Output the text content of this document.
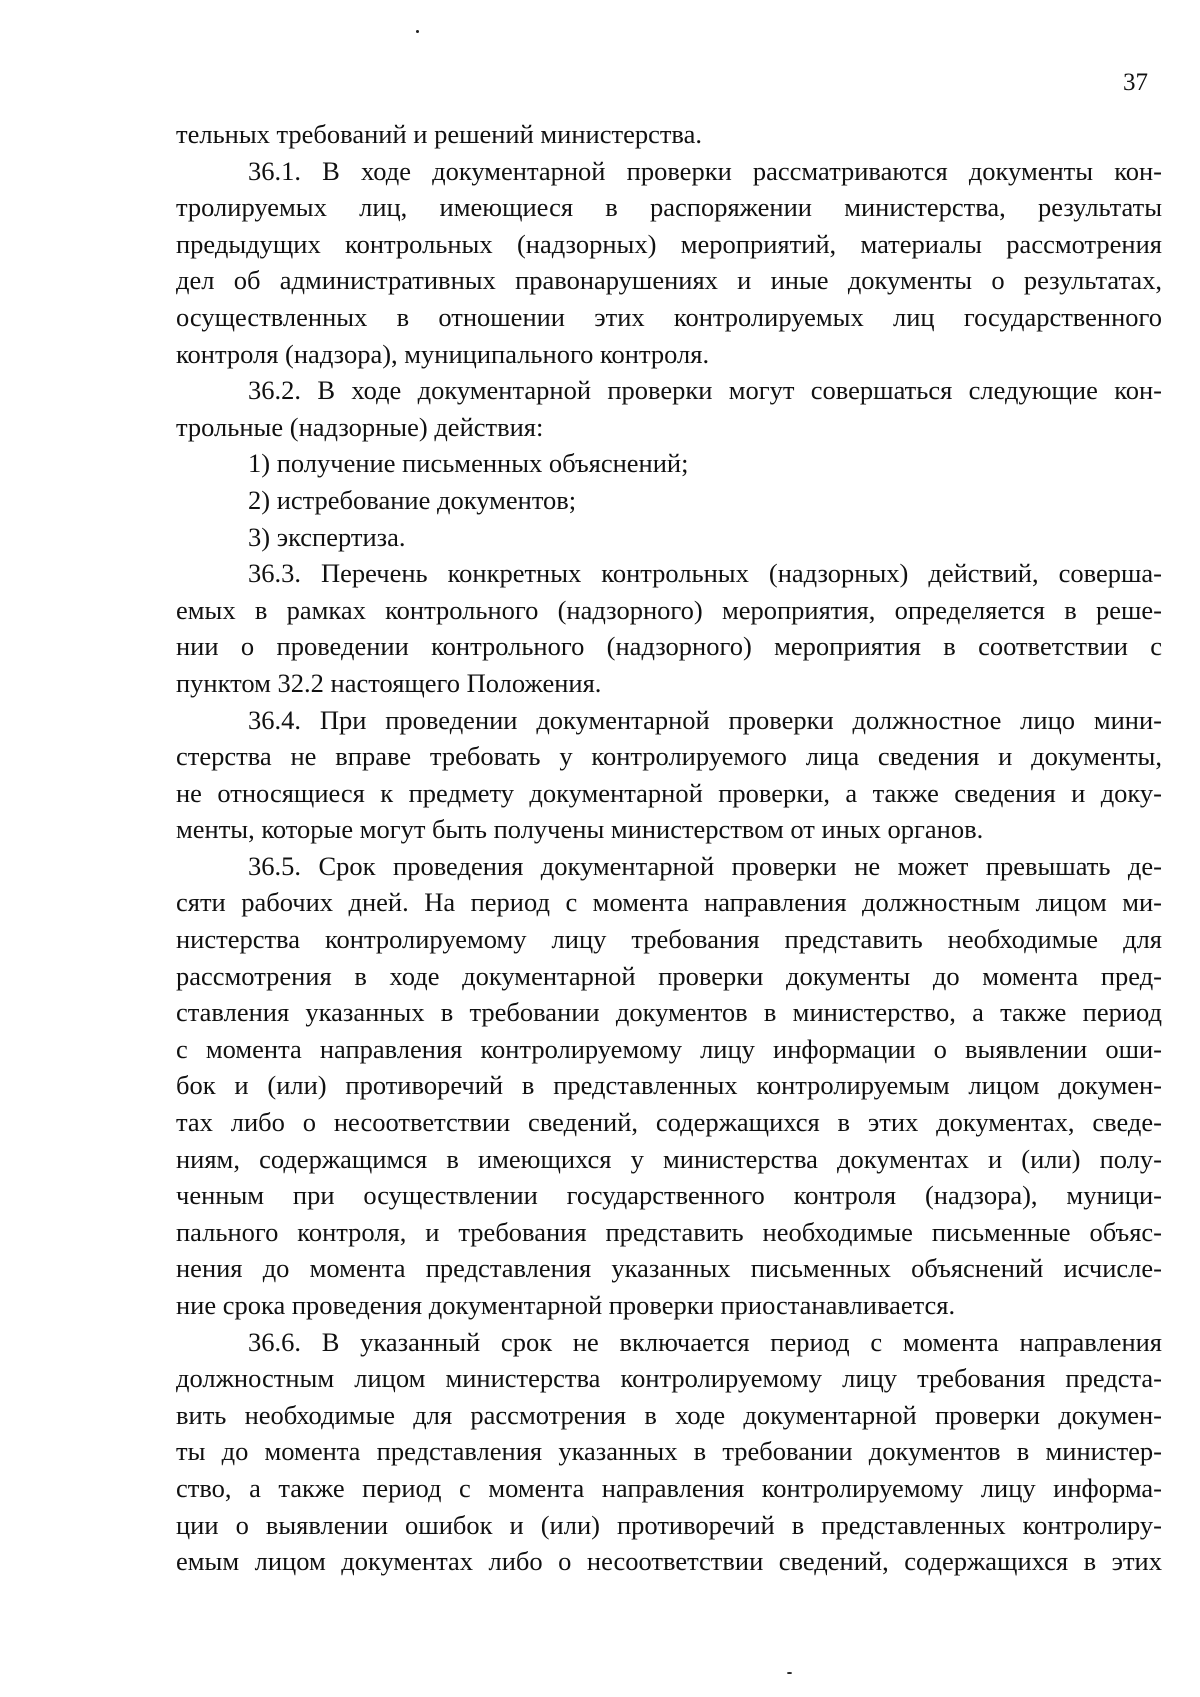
37
тельных требований и решений министерства.
36.1. В ходе документарной проверки рассматриваются документы кон-
тролируемых лиц, имеющиеся в распоряжении министерства, результаты
предыдущих контрольных (надзорных) мероприятий, материалы рассмотрения
дел об административных правонарушениях и иные документы о результатах,
осуществленных в отношении этих контролируемых лиц государственного
контроля (надзора), муниципального контроля.
36.2. В ходе документарной проверки могут совершаться следующие кон-
трольные (надзорные) действия:
1) получение письменных объяснений;
2) истребование документов;
3) экспертиза.
36.3. Перечень конкретных контрольных (надзорных) действий, соверша-
емых в рамках контрольного (надзорного) мероприятия, определяется в реше-
нии о проведении контрольного (надзорного) мероприятия в соответствии с
пунктом 32.2 настоящего Положения.
36.4. При проведении документарной проверки должностное лицо мини-
стерства не вправе требовать у контролируемого лица сведения и документы,
не относящиеся к предмету документарной проверки, а также сведения и доку-
менты, которые могут быть получены министерством от иных органов.
36.5. Срок проведения документарной проверки не может превышать де-
сяти рабочих дней. На период с момента направления должностным лицом ми-
нистерства контролируемому лицу требования представить необходимые для
рассмотрения в ходе документарной проверки документы до момента пред-
ставления указанных в требовании документов в министерство, а также период
с момента направления контролируемому лицу информации о выявлении оши-
бок и (или) противоречий в представленных контролируемым лицом докумен-
тах либо о несоответствии сведений, содержащихся в этих документах, сведе-
ниям, содержащимся в имеющихся у министерства документах и (или) полу-
ченным при осуществлении государственного контроля (надзора), муници-
пального контроля, и требования представить необходимые письменные объяс-
нения до момента представления указанных письменных объяснений исчисле-
ние срока проведения документарной проверки приостанавливается.
36.6. В указанный срок не включается период с момента направления
должностным лицом министерства контролируемому лицу требования предста-
вить необходимые для рассмотрения в ходе документарной проверки докумен-
ты до момента представления указанных в требовании документов в министер-
ство, а также период с момента направления контролируемому лицу информа-
ции о выявлении ошибок и (или) противоречий в представленных контролиру-
емым лицом документах либо о несоответствии сведений, содержащихся в этих
